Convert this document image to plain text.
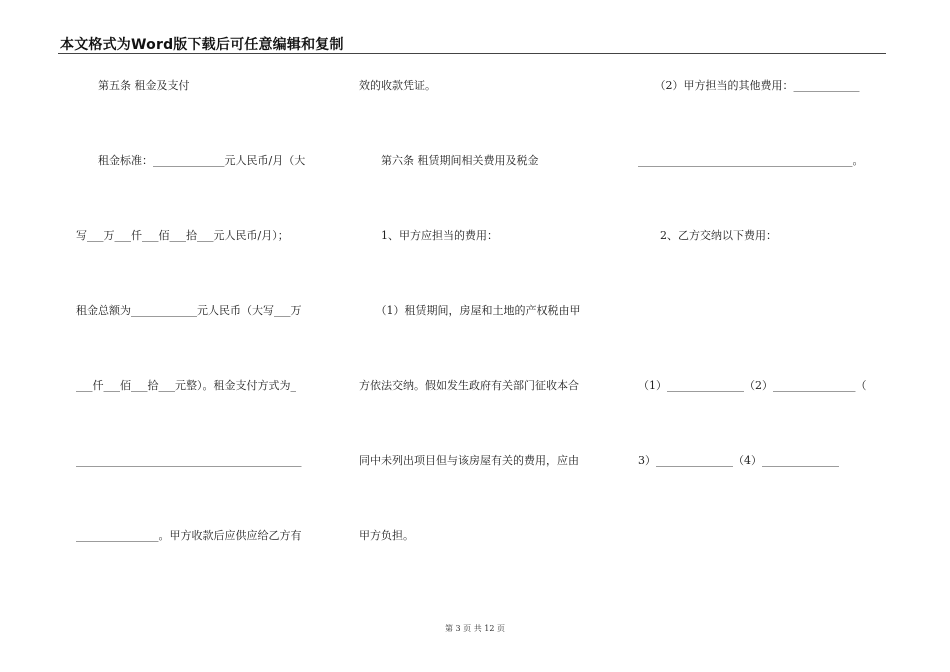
本文格式为Word版下载后可任意编辑和复制
　　第五条 租金及支付
　　租金标准：_____________元人民币/月（大
写___万___仟___佰___拾___元人民币/月）；
租金总额为____________元人民币（大写___万
___仟___佰___拾___元整）。租金支付方式为_
_________________________________________
_______________。甲方收款后应供应给乙方有
效的收款凭证。
　　第六条 租赁期间相关费用及税金
　　1、甲方应担当的费用：
　　（1）租赁期间，房屋和土地的产权税由甲
方依法交纳。假如发生政府有关部门征收本合
同中未列出项目但与该房屋有关的费用，应由
甲方负担。
　　（2）甲方担当的其他费用：____________
_______________________________________。
　　2、乙方交纳以下费用：
（1）______________（2）_______________（
3）______________（4）______________
第 3 页 共 12 页
